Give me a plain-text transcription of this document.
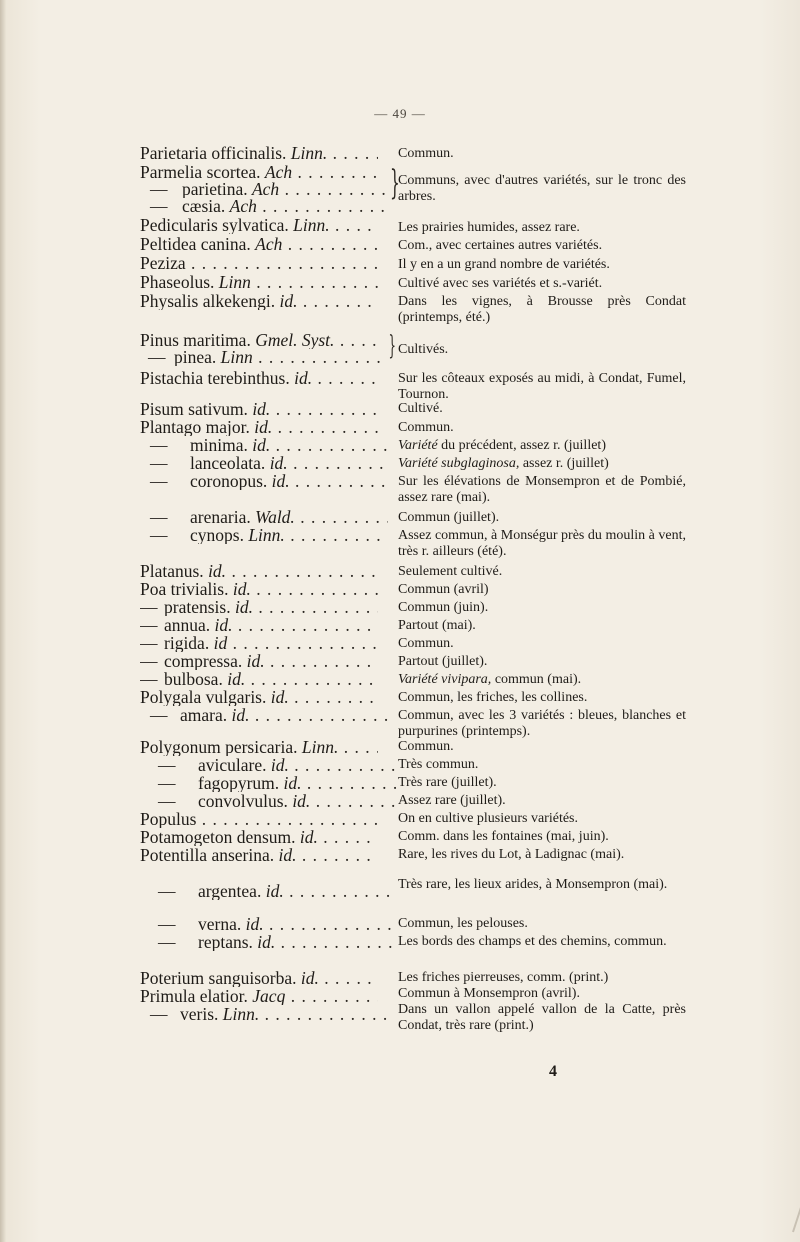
— 49 —
Parietaria officinalis. Linn. . . .	Commun.
Parmelia scortea. Ach . . .	Communs, avec d'autres variétés, sur le tronc des arbres.
}
— parietina. Ach . . .
— cæsia. Ach . . .
Pedicularis sylvatica. Linn. . . .	Les prairies humides, assez rare.
Peltidea canina. Ach . . .	Com., avec certaines autres variétés.
Peziza . . .	Il y en a un grand nombre de variétés.
Phaseolus. Linn . . .	Cultivé avec ses variétés et s.-variét.
Physalis alkekengi. id. . . .	Dans les vignes, à Brousse près Condat (printemps, été.)
Pinus maritima. Gmel. Syst. . . .	Cultivés.
}
— pinea. Linn . . .
Pistachia terebinthus. id. . . .	Sur les côteaux exposés au midi, à Condat, Fumel, Tournon.
Pisum sativum. id. . . .	Cultivé.
Plantago major. id. . . .	Commun.
— minima. id. . . .	Variété du précédent, assez r. (juillet)
— lanceolata. id. . . .	Variété subglaginosa, assez r. (juillet)
— coronopus. id. . . .	Sur les élévations de Monsempron et de Pombié, assez rare (mai).
— arenaria. Wald. . . .	Commun (juillet).
— cynops. Linn. . . .	Assez commun, à Monségur près du moulin à vent, très r. ailleurs (été).
Platanus. id. . . .	Seulement cultivé.
Poa trivialis. id. . . .	Commun (avril)
— pratensis. id. . . .	Commun (juin).
— annua. id. . . .	Partout (mai).
— rigida. id . . .	Commun.
— compressa. id. . . .	Partout (juillet).
— bulbosa. id. . . .	Variété vivipara, commun (mai).
Polygala vulgaris. id. . . .	Commun, les friches, les collines.
— amara. id. . . .	Commun, avec les 3 variétés : bleues, blanches et purpurines (printemps).
Polygonum persicaria. Linn. . . .	Commun.
— aviculare. id. . . .	Très commun.
— fagopyrum. id. . . .	Très rare (juillet).
— convolvulus. id. . . .	Assez rare (juillet).
Populus . . .	On en cultive plusieurs variétés.
Potamogeton densum. id. . . .	Comm. dans les fontaines (mai, juin).
Potentilla anserina. id. . . .	Rare, les rives du Lot, à Ladignac (mai).
— argentea. id. . . .	Très rare, les lieux arides, à Monsempron (mai).
— verna. id. . . .	Commun, les pelouses.
— reptans. id. . . .	Les bords des champs et des chemins, commun.
Poterium sanguisorba. id. . . .	Les friches pierreuses, comm. (print.)
Primula elatior. Jacq . . .	Commun à Monsempron (avril).
— veris. Linn. . . .	Dans un vallon appelé vallon de la Catte, près Condat, très rare (print.)
4
